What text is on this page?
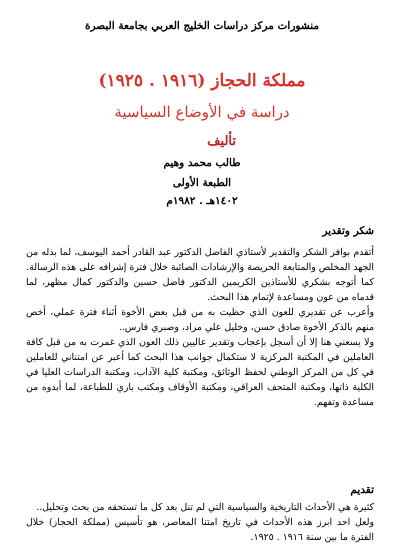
منشورات مركز دراسات الخليج العربي بجامعة البصرة
مملكة الحجاز (١٩١٦ . ١٩٢٥)
دراسة في الأوضاع السياسية
تأليف
طالب محمد وهيم
الطبعة الأولى
١٤٠٢هـ . ١٩٨٢م
شكر وتقدير

أتقدم بوافر الشكر والتقدير لأستاذي الفاضل الدكتور عبد القادر أحمد اليوسف، لما بذله من الجهد المخلص والمتابعة الحريصة والإرشادات الصائبة خلال فترة إشرافه على هذه الرسالة.

كما أتوجه بشكري للأستاذين الكريمين الدكتور فاضل حسين والدكتور كمال مظهر، لما قدماه من عون ومساعدة لإتمام هذا البحث.

وأعرب عن تقديري للعون الذي حظيت به من قبل بعض الأخوة أثناء فترة عملي، أخص منهم بالذكر الأخوة صادق حسن، وخليل علي مراد، وصبري فارس..

ولا يسعني هنا إلا أن أسجل بإعجاب وتقدير عاليين ذلك العون الذي غمرت به من قبل كافة العاملين في المكتبة المركزية لا ستكمال جوانب هذا البحث كما أعبر عن امتناني للعاملين في كل من المركز الوطني لحفظ الوثائق، ومكتبة كلية الآداب، ومكتبة الدراسات العليا في الكلية ذاتها، ومكتبة المتحف العراقي، ومكتبة الأوقاف ومكتب باري للطباعة، لما أبدوه من مساعدة وتفهم.

تقديم

كثيرة هي الأحداث التاريخية والسياسية التي لم تنل بعد كل ما تستحقه من بحث وتحليل..

ولعل احد ابرز هذه الأحداث في تاريخ امتنا المعاصر، هو تأسيس (مملكة الحجاز) خلال الفترة ما بين سنة ١٩١٦ . ١٩٢٥.
